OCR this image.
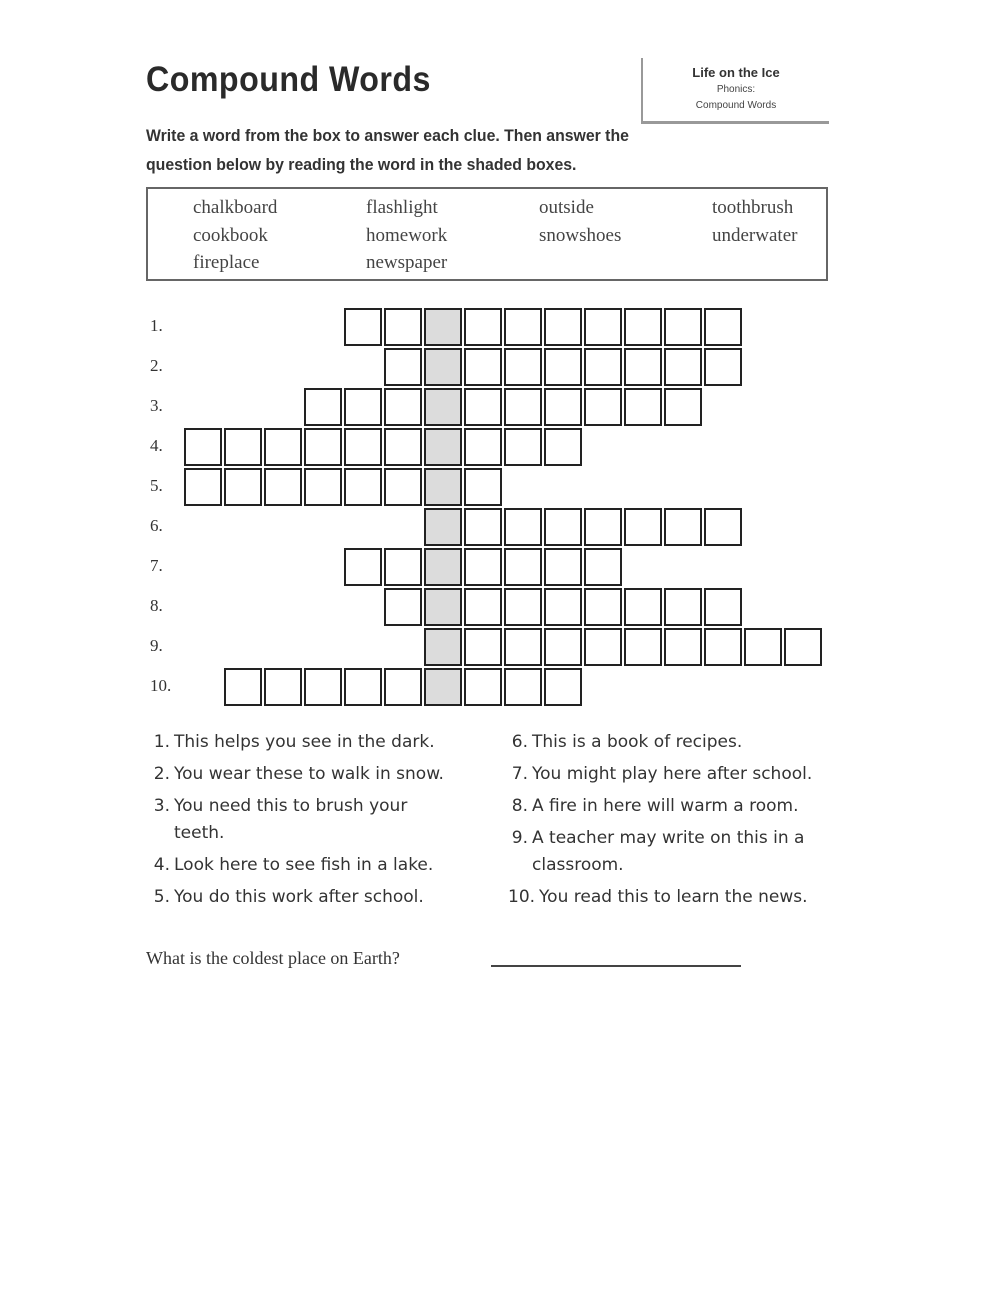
Compound Words	Life on the Ice
Phonics:
Compound Words
Write a word from the box to answer each clue. Then answer the question below by reading the word in the shaded boxes.
chalkboard	flashlight	outside	toothbrush
cookbook	homework	snowshoes	underwater
fireplace	newspaper
1.
2.
3.
4.
5.
6.
7.
8.
9.
10.
1. This helps you see in the dark.
2. You wear these to walk in snow.
3. You need this to brush your
teeth.
4. Look here to see fish in a lake.
5. You do this work after school.
6. This is a book of recipes.
7. You might play here after school.
8. A fire in here will warm a room.
9. A teacher may write on this in a
classroom.
10. You read this to learn the news.
What is the coldest place on Earth?
